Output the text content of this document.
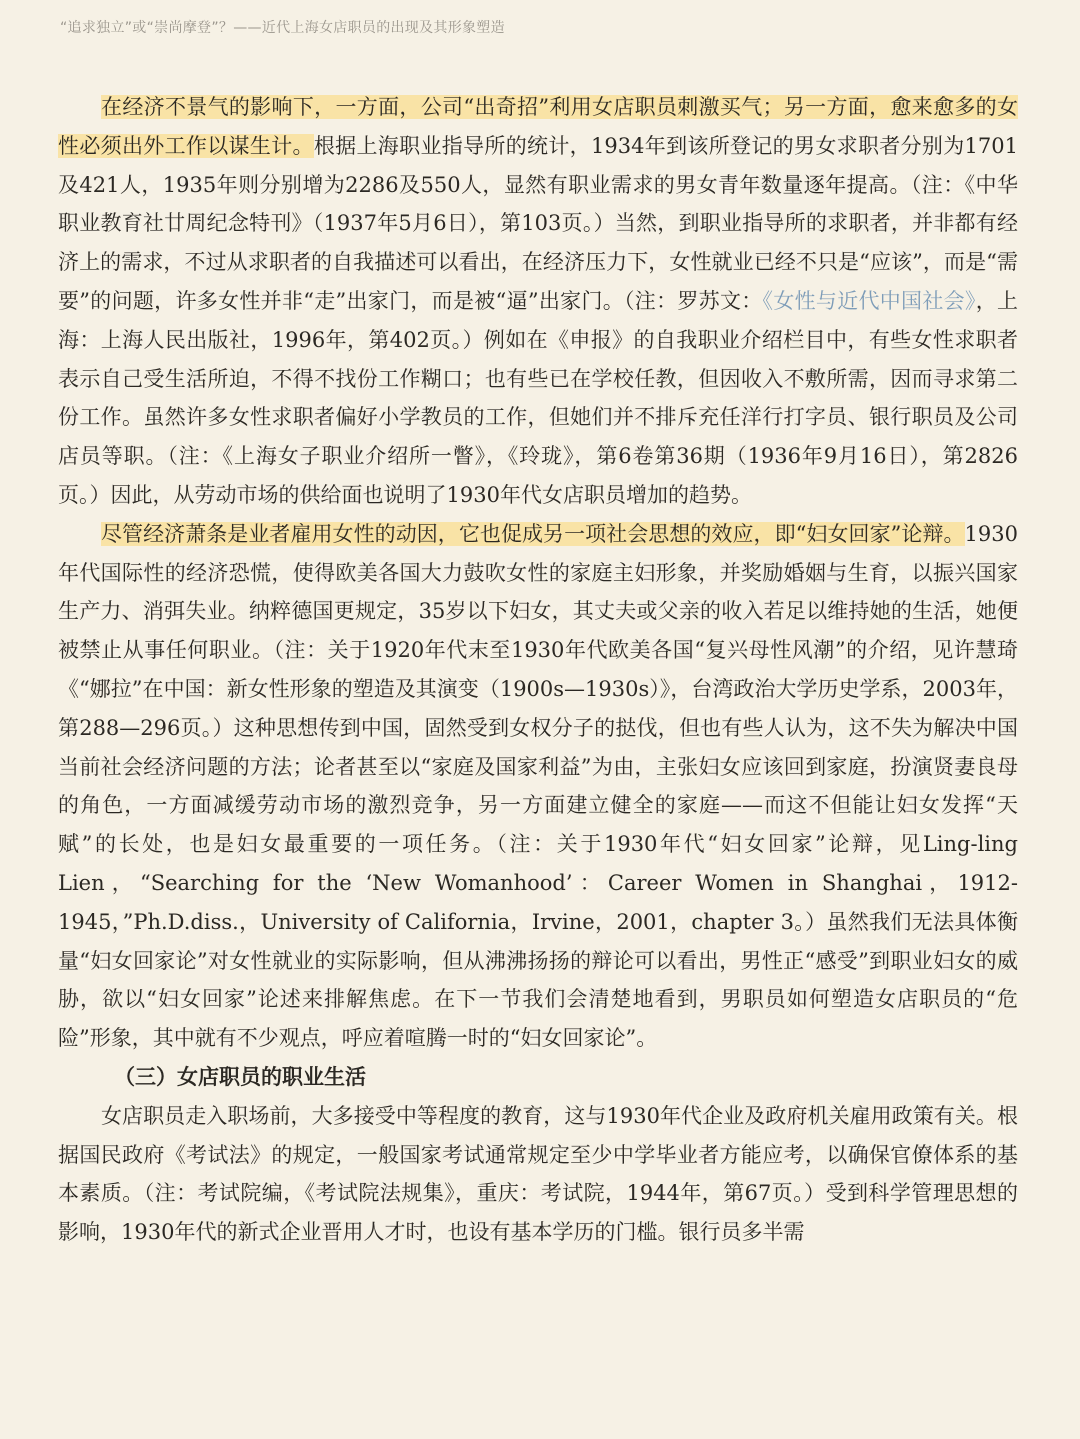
“追求独立”或“崇尚摩登”？——近代上海女店职员的出现及其形象塑造

在经济不景气的影响下，一方面，公司“出奇招”利用女店职员刺激买气；另一方面，愈来愈多的女性必须出外工作以谋生计。根据上海职业指导所的统计，1934年到该所登记的男女求职者分别为1701及421人，1935年则分别增为2286及550人，显然有职业需求的男女青年数量逐年提高。（注：《中华职业教育社廿周纪念特刊》（1937年5月6日），第103页。）当然，到职业指导所的求职者，并非都有经济上的需求，不过从求职者的自我描述可以看出，在经济压力下，女性就业已经不只是“应该”，而是“需要”的问题，许多女性并非“走”出家门，而是被“逼”出家门。（注：罗苏文：《女性与近代中国社会》，上海：上海人民出版社，1996年，第402页。）例如在《申报》的自我职业介绍栏目中，有些女性求职者表示自己受生活所迫，不得不找份工作糊口；也有些已在学校任教，但因收入不敷所需，因而寻求第二份工作。虽然许多女性求职者偏好小学教员的工作，但她们并不排斥充任洋行打字员、银行职员及公司店员等职。（注：《上海女子职业介绍所一瞥》，《玲珑》，第6卷第36期（1936年9月16日），第2826页。）因此，从劳动市场的供给面也说明了1930年代女店职员增加的趋势。

尽管经济萧条是业者雇用女性的动因，它也促成另一项社会思想的效应，即“妇女回家”论辩。1930年代国际性的经济恐慌，使得欧美各国大力鼓吹女性的家庭主妇形象，并奖励婚姻与生育，以振兴国家生产力、消弭失业。纳粹德国更规定，35岁以下妇女，其丈夫或父亲的收入若足以维持她的生活，她便被禁止从事任何职业。（注：关于1920年代末至1930年代欧美各国“复兴母性风潮”的介绍，见许慧琦《“娜拉”在中国：新女性形象的塑造及其演变（1900s—1930s）》，台湾政治大学历史学系，2003年，第288—296页。）这种思想传到中国，固然受到女权分子的挞伐，但也有些人认为，这不失为解决中国当前社会经济问题的方法；论者甚至以“家庭及国家利益”为由，主张妇女应该回到家庭，扮演贤妻良母的角色，一方面减缓劳动市场的激烈竞争，另一方面建立健全的家庭——而这不但能让妇女发挥“天赋”的长处，也是妇女最重要的一项任务。（注：关于1930年代“妇女回家”论辩，见Ling-ling Lien，“Searching for the ‘New Womanhood’：Career Women in Shanghai，1912-1945，”Ph.D.diss.，University of California，Irvine，2001，chapter 3。）虽然我们无法具体衡量“妇女回家论”对女性就业的实际影响，但从沸沸扬扬的辩论可以看出，男性正“感受”到职业妇女的威胁，欲以“妇女回家”论述来排解焦虑。在下一节我们会清楚地看到，男职员如何塑造女店职员的“危险”形象，其中就有不少观点，呼应着喧腾一时的“妇女回家论”。

（三）女店职员的职业生活

女店职员走入职场前，大多接受中等程度的教育，这与1930年代企业及政府机关雇用政策有关。根据国民政府《考试法》的规定，一般国家考试通常规定至少中学毕业者方能应考，以确保官僚体系的基本素质。（注：考试院编，《考试院法规集》，重庆：考试院，1944年，第67页。）受到科学管理思想的影响，1930年代的新式企业晋用人才时，也设有基本学历的门槛。银行员多半需
